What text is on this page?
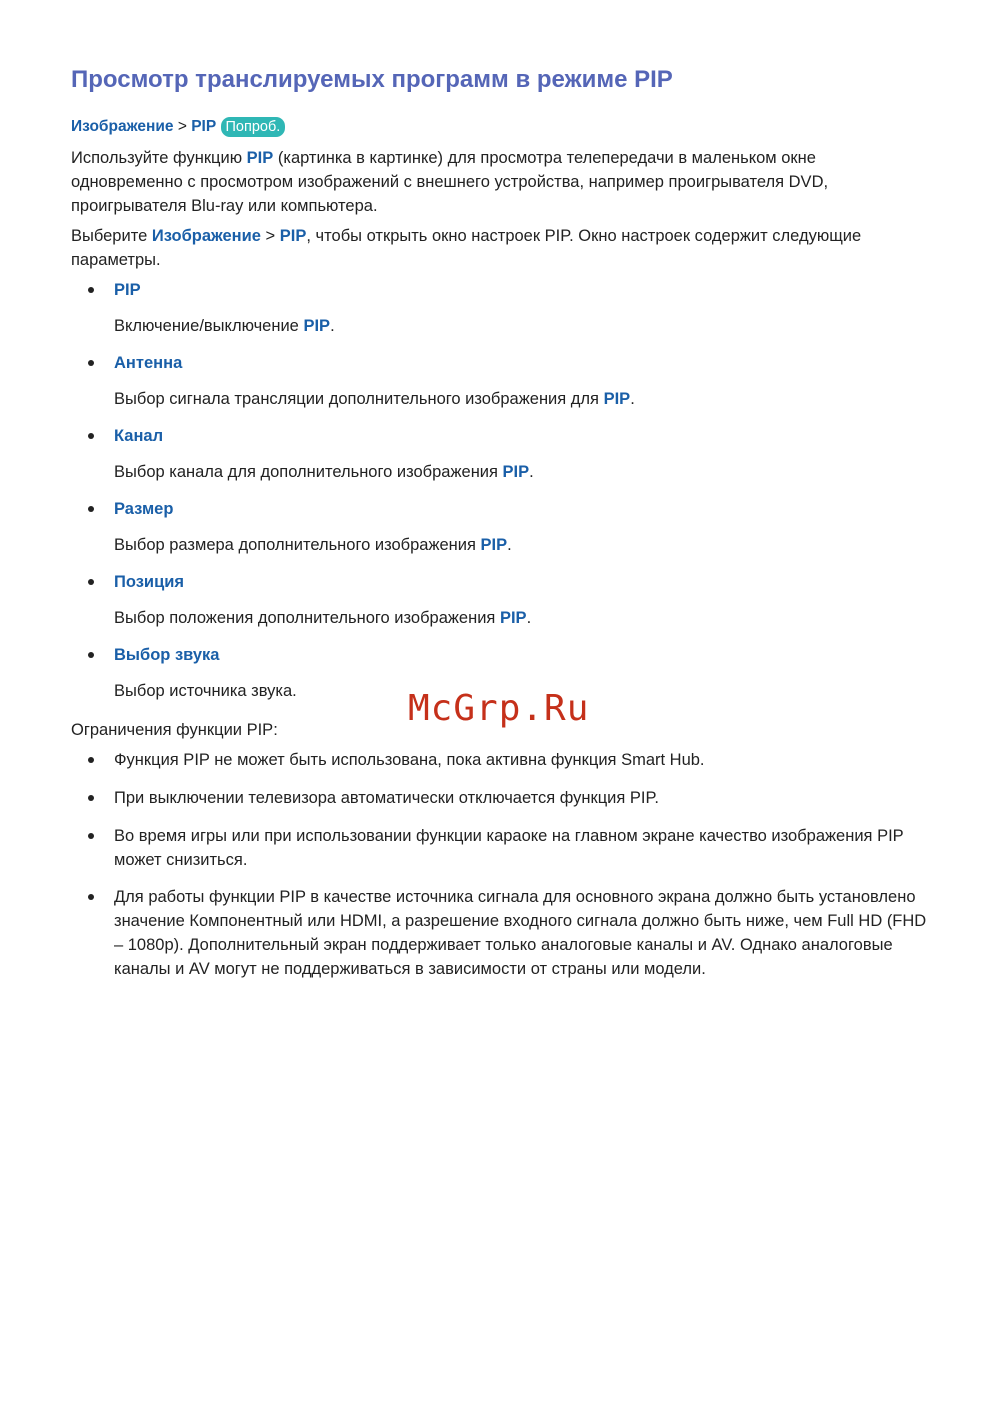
Просмотр транслируемых программ в режиме PIP
Изображение > PIP Попроб.
Используйте функцию PIP (картинка в картинке) для просмотра телепередачи в маленьком окне одновременно с просмотром изображений с внешнего устройства, например проигрывателя DVD, проигрывателя Blu-ray или компьютера.
Выберите Изображение > PIP, чтобы открыть окно настроек PIP. Окно настроек содержит следующие параметры.
PIP
Включение/выключение PIP.
Антенна
Выбор сигнала трансляции дополнительного изображения для PIP.
Канал
Выбор канала для дополнительного изображения PIP.
Размер
Выбор размера дополнительного изображения PIP.
Позиция
Выбор положения дополнительного изображения PIP.
Выбор звука
Выбор источника звука.
Ограничения функции PIP:
Функция PIP не может быть использована, пока активна функция Smart Hub.
При выключении телевизора автоматически отключается функция PIP.
Во время игры или при использовании функции караоке на главном экране качество изображения PIP может снизиться.
Для работы функции PIP в качестве источника сигнала для основного экрана должно быть установлено значение Компонентный или HDMI, а разрешение входного сигнала должно быть ниже, чем Full HD (FHD – 1080p). Дополнительный экран поддерживает только аналоговые каналы и AV. Однако аналоговые каналы и AV могут не поддерживаться в зависимости от страны или модели.
McGrp.Ru
